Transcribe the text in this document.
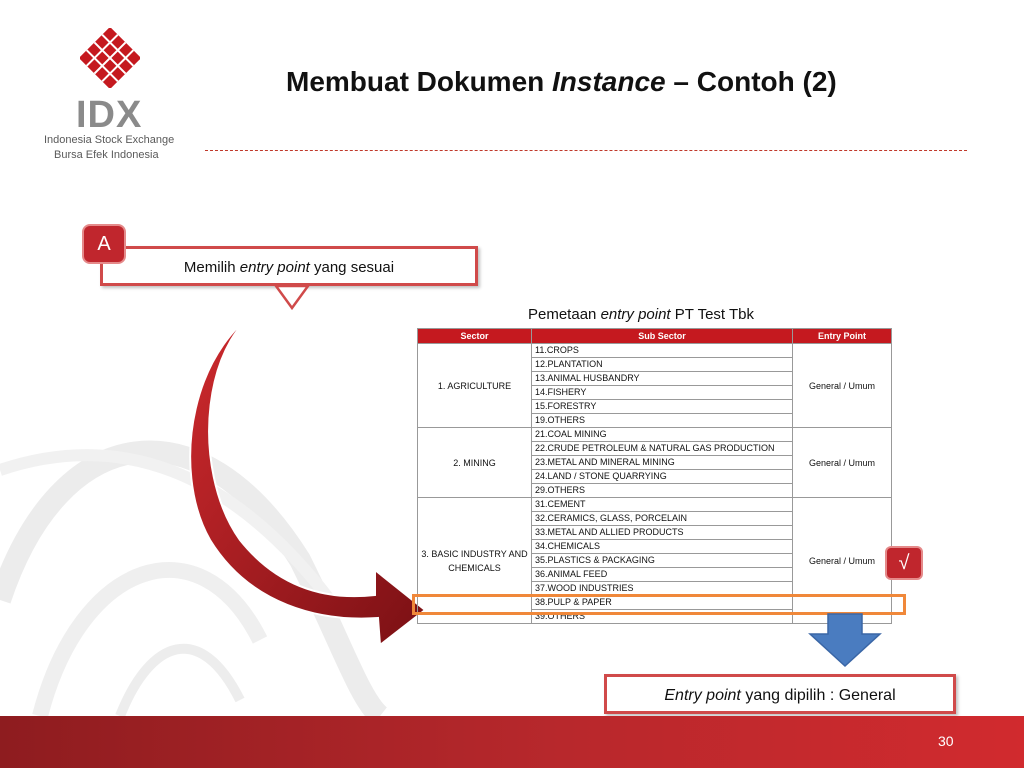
IDX
Indonesia Stock Exchange
Bursa Efek Indonesia
Membuat Dokumen Instance – Contoh (2)
Memilih entry point yang sesuai
A
Pemetaan entry point PT Test Tbk
Sector	Sub Sector	Entry Point
1. AGRICULTURE	11.CROPS	General / Umum
	12.PLANTATION	
	13.ANIMAL HUSBANDRY	
	14.FISHERY	
	15.FORESTRY	
	19.OTHERS	
2. MINING	21.COAL MINING	General / Umum
	22.CRUDE PETROLEUM & NATURAL GAS PRODUCTION	
	23.METAL AND MINERAL MINING	
	24.LAND / STONE QUARRYING	
	29.OTHERS	
3. BASIC INDUSTRY AND CHEMICALS	31.CEMENT	General / Umum
	32.CERAMICS, GLASS, PORCELAIN	
	33.METAL AND ALLIED PRODUCTS	
	34.CHEMICALS	
	35.PLASTICS & PACKAGING	
	36.ANIMAL FEED	
	37.WOOD INDUSTRIES	
	38.PULP & PAPER	
	39.OTHERS	
√
Entry point yang dipilih : General
30
